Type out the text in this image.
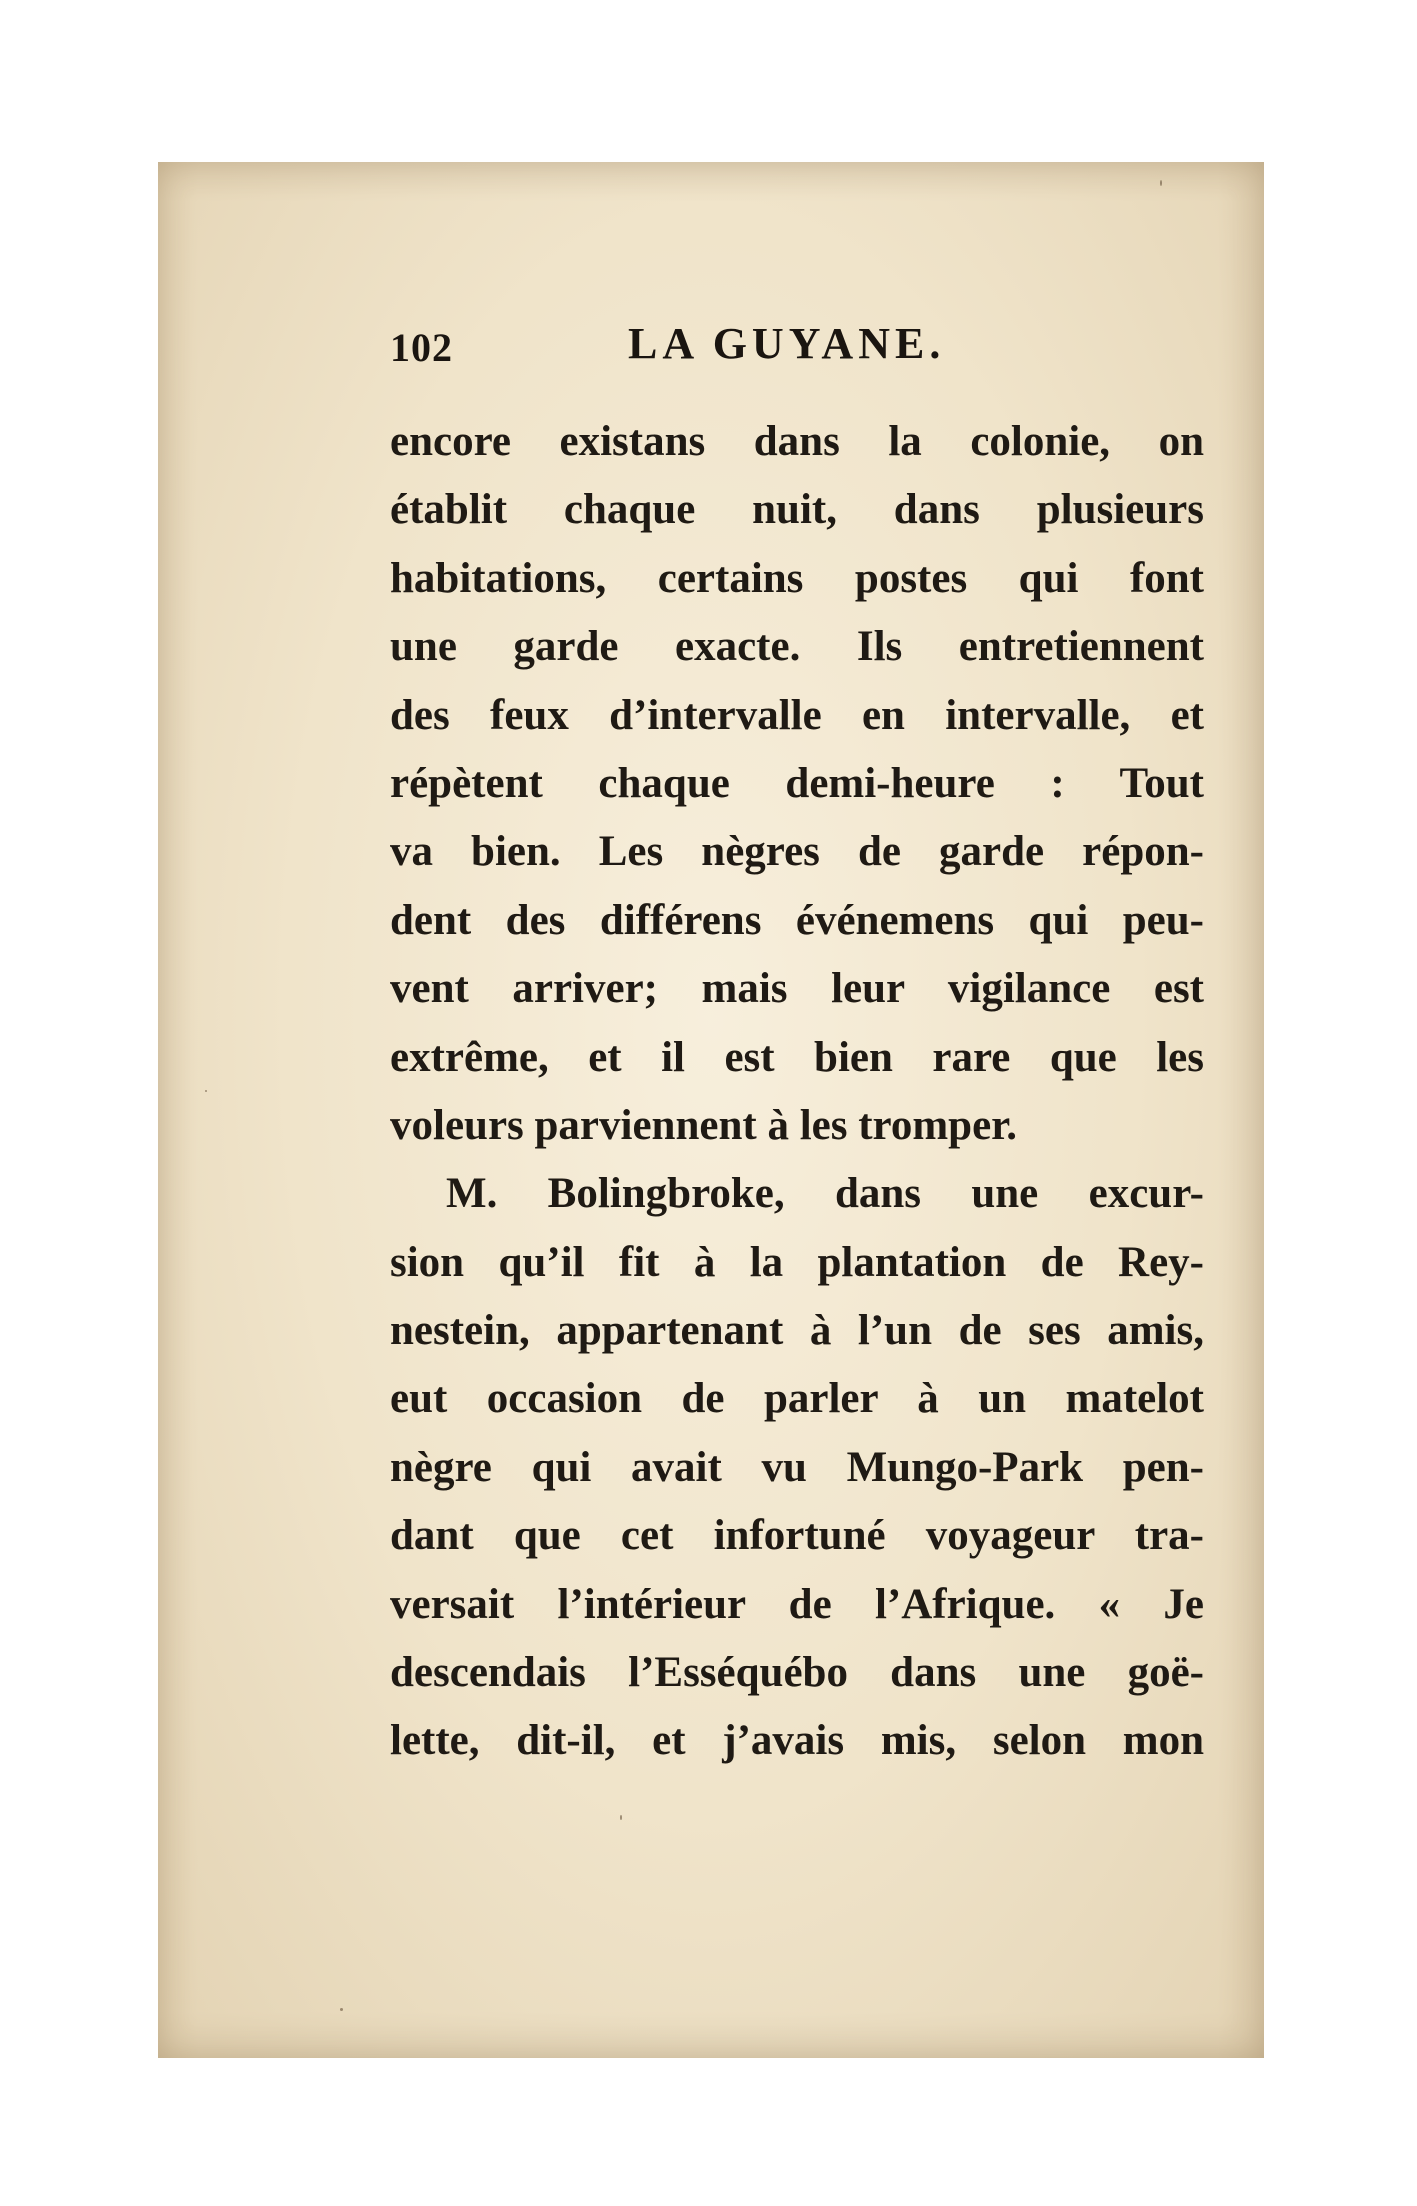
102	LA GUYANE.
encore existans dans la colonie, on
établit chaque nuit, dans plusieurs
habitations, certains postes qui font
une garde exacte. Ils entretiennent
des feux d’intervalle en intervalle, et
répètent chaque demi-heure : Tout
va bien. Les nègres de garde répon-
dent des différens événemens qui peu-
vent arriver; mais leur vigilance est
extrême, et il est bien rare que les
voleurs parviennent à les tromper.
M. Bolingbroke, dans une excur-
sion qu’il fit à la plantation de Rey-
nestein, appartenant à l’un de ses amis,
eut occasion de parler à un matelot
nègre qui avait vu Mungo-Park pen-
dant que cet infortuné voyageur tra-
versait l’intérieur de l’Afrique. « Je
descendais l’Esséquébo dans une goë-
lette, dit-il, et j’avais mis, selon mon
